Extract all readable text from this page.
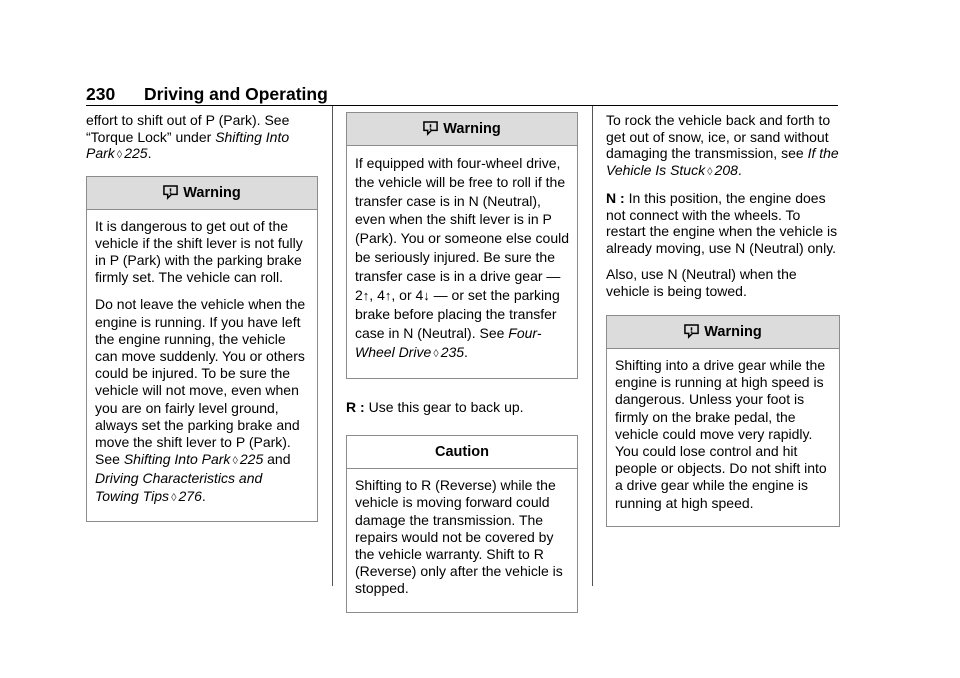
230 Driving and Operating

effort to shift out of P (Park). See “Torque Lock” under Shifting Into Park ◊ 225.

Warning

It is dangerous to get out of the vehicle if the shift lever is not fully in P (Park) with the parking brake firmly set. The vehicle can roll.

Do not leave the vehicle when the engine is running. If you have left the engine running, the vehicle can move suddenly. You or others could be injured. To be sure the vehicle will not move, even when you are on fairly level ground, always set the parking brake and move the shift lever to P (Park). See Shifting Into Park ◊ 225 and Driving Characteristics and Towing Tips ◊ 276.

Warning

If equipped with four-wheel drive, the vehicle will be free to roll if the transfer case is in N (Neutral), even when the shift lever is in P (Park). You or someone else could be seriously injured. Be sure the transfer case is in a drive gear — 2↑, 4↑, or 4↓ — or set the parking brake before placing the transfer case in N (Neutral). See Four-Wheel Drive ◊ 235.

R : Use this gear to back up.

Caution

Shifting to R (Reverse) while the vehicle is moving forward could damage the transmission. The repairs would not be covered by the vehicle warranty. Shift to R (Reverse) only after the vehicle is stopped.

To rock the vehicle back and forth to get out of snow, ice, or sand without damaging the transmission, see If the Vehicle Is Stuck ◊ 208.

N : In this position, the engine does not connect with the wheels. To restart the engine when the vehicle is already moving, use N (Neutral) only.

Also, use N (Neutral) when the vehicle is being towed.

Warning

Shifting into a drive gear while the engine is running at high speed is dangerous. Unless your foot is firmly on the brake pedal, the vehicle could move very rapidly. You could lose control and hit people or objects. Do not shift into a drive gear while the engine is running at high speed.
